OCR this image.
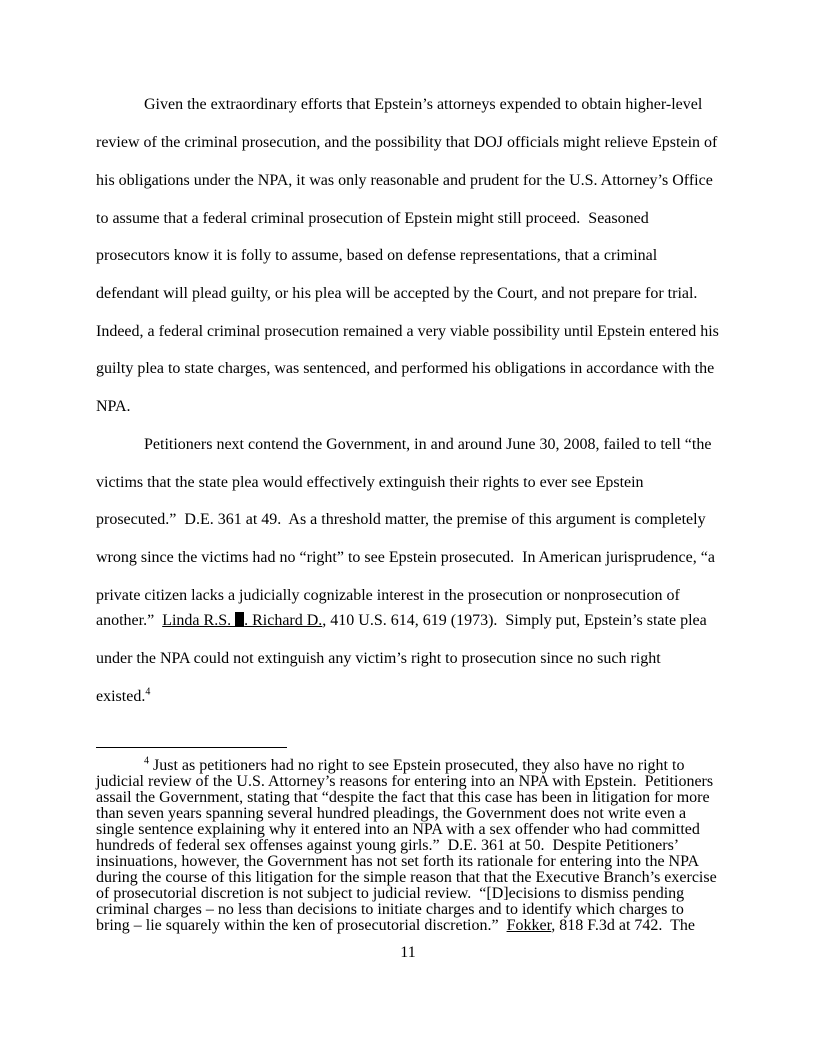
Given the extraordinary efforts that Epstein’s attorneys expended to obtain higher-level
review of the criminal prosecution, and the possibility that DOJ officials might relieve Epstein of
his obligations under the NPA, it was only reasonable and prudent for the U.S. Attorney’s Office
to assume that a federal criminal prosecution of Epstein might still proceed.  Seasoned
prosecutors know it is folly to assume, based on defense representations, that a criminal
defendant will plead guilty, or his plea will be accepted by the Court, and not prepare for trial.
Indeed, a federal criminal prosecution remained a very viable possibility until Epstein entered his
guilty plea to state charges, was sentenced, and performed his obligations in accordance with the
NPA.
Petitioners next contend the Government, in and around June 30, 2008, failed to tell “the
victims that the state plea would effectively extinguish their rights to ever see Epstein
prosecuted.”  D.E. 361 at 49.  As a threshold matter, the premise of this argument is completely
wrong since the victims had no “right” to see Epstein prosecuted.  In American jurisprudence, “a
private citizen lacks a judicially cognizable interest in the prosecution or nonprosecution of
another.”  Linda R.S. . Richard D., 410 U.S. 614, 619 (1973).  Simply put, Epstein’s state plea
under the NPA could not extinguish any victim’s right to prosecution since no such right
existed.$^4$
$^4$ Just as petitioners had no right to see Epstein prosecuted, they also have no right to
judicial review of the U.S. Attorney’s reasons for entering into an NPA with Epstein.  Petitioners
assail the Government, stating that “despite the fact that this case has been in litigation for more
than seven years spanning several hundred pleadings, the Government does not write even a
single sentence explaining why it entered into an NPA with a sex offender who had committed
hundreds of federal sex offenses against young girls.”  D.E. 361 at 50.  Despite Petitioners’
insinuations, however, the Government has not set forth its rationale for entering into the NPA
during the course of this litigation for the simple reason that that the Executive Branch’s exercise
of prosecutorial discretion is not subject to judicial review.  “[D]ecisions to dismiss pending
criminal charges – no less than decisions to initiate charges and to identify which charges to
bring – lie squarely within the ken of prosecutorial discretion.”  Fokker, 818 F.3d at 742.  The
11
